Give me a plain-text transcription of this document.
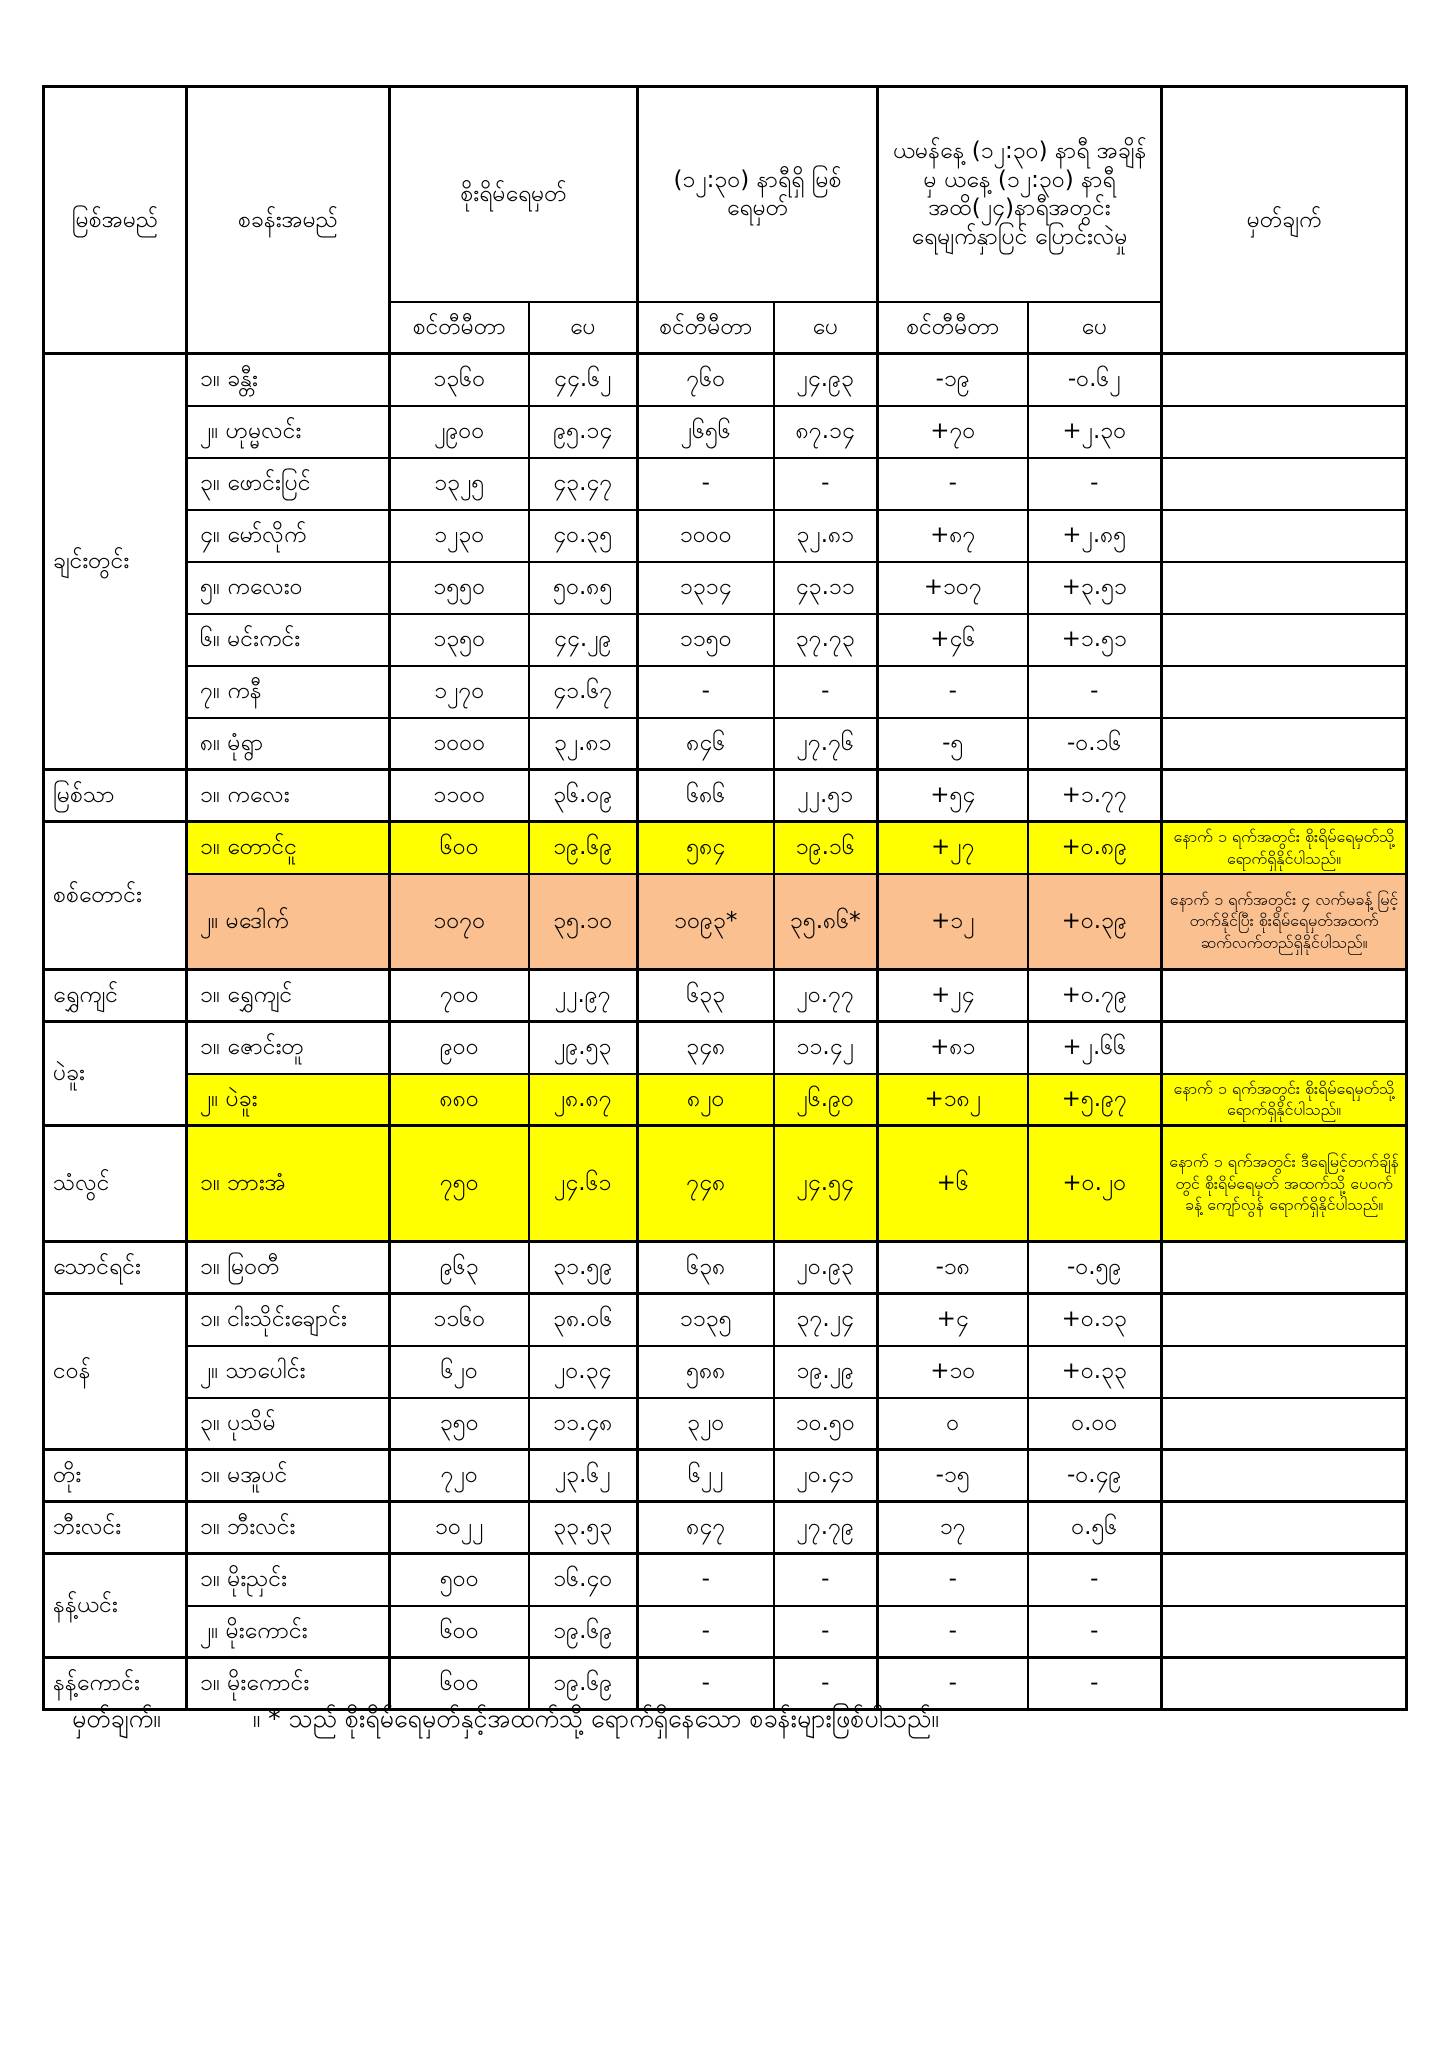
မြစ်အမည်	စခန်းအမည်	စိုးရိမ်ရေမှတ်		(၁၂:၃၀) နာရီရှိ မြစ်ရေမှတ်		ယမန်နေ့ (၁၂:၃၀) နာရီ အချိန်မှ ယနေ့ (၁၂:၃၀) နာရီအထိ(၂၄)နာရီအတွင်း ရေမျက်နှာပြင် ပြောင်းလဲမှု		မှတ်ချက်
		စင်တီမီတာ	ပေ	စင်တီမီတာ	ပေ	စင်တီမီတာ	ပေ	
ချင်းတွင်း	၁။ ခန္တီး	၁၃၆၀	၄၄.၆၂	၇၆၀	၂၄.၉၃	-၁၉	-၀.၆၂	
	၂။ ဟုမ္မလင်း	၂၉၀၀	၉၅.၁၄	၂၆၅၆	၈၇.၁၄	+၇၀	+၂.၃၀	
	၃။ ဖောင်းပြင်	၁၃၂၅	၄၃.၄၇	-	-	-	-	
	၄။ မော်လိုက်	၁၂၃၀	၄၀.၃၅	၁၀၀၀	၃၂.၈၁	+၈၇	+၂.၈၅	
	၅။ ကလေးဝ	၁၅၅၀	၅၀.၈၅	၁၃၁၄	၄၃.၁၁	+၁၀၇	+၃.၅၁	
	၆။ မင်းကင်း	၁၃၅၀	၄၄.၂၉	၁၁၅၀	၃၇.၇၃	+၄၆	+၁.၅၁	
	၇။ ကနီ	၁၂၇၀	၄၁.၆၇	-	-	-	-	
	၈။ မုံရွာ	၁၀၀၀	၃၂.၈၁	၈၄၆	၂၇.၇၆	-၅	-၀.၁၆	
မြစ်သာ	၁။ ကလေး	၁၁၀၀	၃၆.၀၉	၆၈၆	၂၂.၅၁	+၅၄	+၁.၇၇	
စစ်တောင်း	၁။ တောင်ငူ	၆၀၀	၁၉.၆၉	၅၈၄	၁၉.၁၆	+၂၇	+၀.၈၉	နောက် ၁ ရက်အတွင်း စိုးရိမ်ရေမှတ်သို့ရောက်ရှိနိုင်ပါသည်။
	၂။ မဒေါက်	၁၀၇၀	၃၅.၁၀	၁၀၉၃*	၃၅.၈၆*	+၁၂	+၀.၃၉	နောက် ၁ ရက်အတွင်း ၄ လက်မခန့် မြင့်တက်နိုင်ပြီး စိုးရိမ်ရေမှတ်အထက် ဆက်လက်တည်ရှိနိုင်ပါသည်။
ရွှေကျင်	၁။ ရွှေကျင်	၇၀၀	၂၂.၉၇	၆၃၃	၂၀.၇၇	+၂၄	+၀.၇၉	
ပဲခူး	၁။ ဇောင်းတူ	၉၀၀	၂၉.၅၃	၃၄၈	၁၁.၄၂	+၈၁	+၂.၆၆	
	၂။ ပဲခူး	၈၈၀	၂၈.၈၇	၈၂၀	၂၆.၉၀	+၁၈၂	+၅.၉၇	နောက် ၁ ရက်အတွင်း စိုးရိမ်ရေမှတ်သို့ရောက်ရှိနိုင်ပါသည်။
သံလွင်	၁။ ဘားအံ	၇၅၀	၂၄.၆၁	၇၄၈	၂၄.၅၄	+၆	+၀.၂၀	နောက် ၁ ရက်အတွင်း ဒီရေမြင့်တက်ချိန်တွင် စိုးရိမ်ရေမှတ် အထက်သို့ ပေဝက်ခန့် ကျော်လွန် ရောက်ရှိနိုင်ပါသည်။
သောင်ရင်း	၁။ မြဝတီ	၉၆၃	၃၁.၅၉	၆၃၈	၂၀.၉၃	-၁၈	-၀.၅၉	
ငဝန်	၁။ ငါးသိုင်းချောင်း	၁၁၆၀	၃၈.၀၆	၁၁၃၅	၃၇.၂၄	+၄	+၀.၁၃	
	၂။ သာပေါင်း	၆၂၀	၂၀.၃၄	၅၈၈	၁၉.၂၉	+၁၀	+၀.၃၃	
	၃။ ပုသိမ်	၃၅၀	၁၁.၄၈	၃၂၀	၁၀.၅၀	၀	၀.၀၀	
တိုး	၁။ မအူပင်	၇၂၀	၂၃.၆၂	၆၂၂	၂၀.၄၁	-၁၅	-၀.၄၉	
ဘီးလင်း	၁။ ဘီးလင်း	၁၀၂၂	၃၃.၅၃	၈၄၇	၂၇.၇၉	၁၇	၀.၅၆	
နန့်ယင်း	၁။ မိုးညှင်း	၅၀၀	၁၆.၄၀	-	-	-	-	
	၂။ မိုးကောင်း	၆၀၀	၁၉.၆၉	-	-	-	-	
နန့်ကောင်း	၁။ မိုးကောင်း	၆၀၀	၁၉.၆၉	-	-	-	-	
မှတ်ချက်။	။ * သည် စိုးရိမ်ရေမှတ်နှင့်အထက်သို့ ရောက်ရှိနေသော စခန်းများဖြစ်ပါသည်။
